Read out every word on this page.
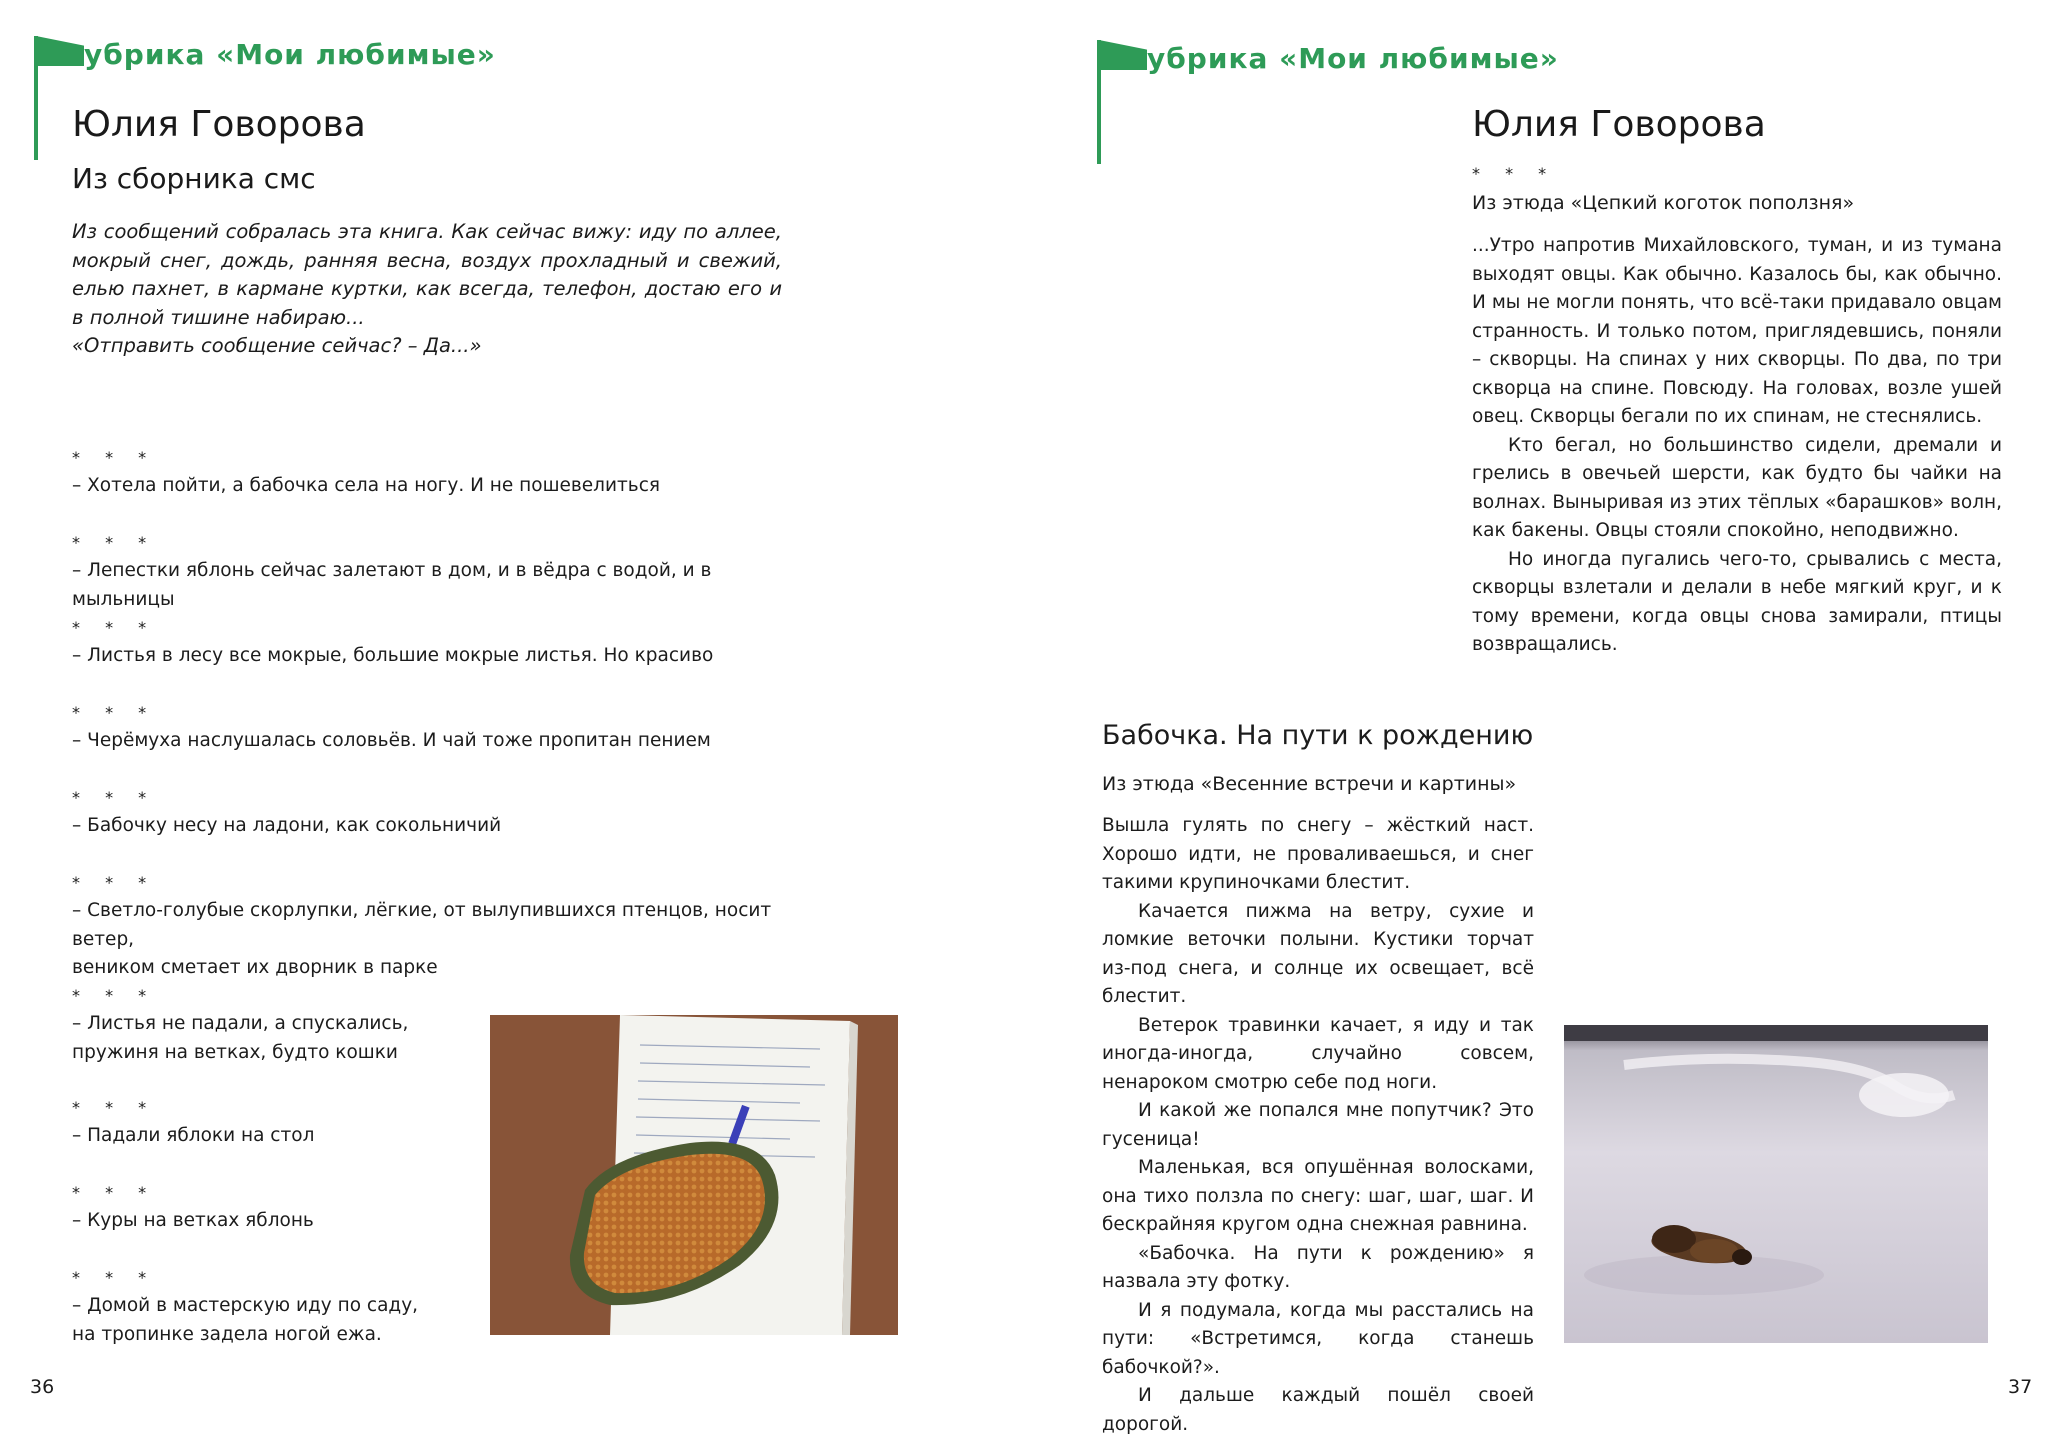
убрика «Мои любимые»
Юлия Говорова
Из сборника смс

Из сообщений собралась эта книга. Как сейчас вижу: иду по аллее, мокрый снег, дождь, ранняя весна, воздух прохладный и свежий, елью пахнет, в кармане куртки, как всегда, телефон, достаю его и в полной тишине набираю...

«Отправить сообщение сейчас? – Да...»

* * *
– Хотела пойти, а бабочка села на ногу. И не пошевелиться
* * *
– Лепестки яблонь сейчас залетают в дом, и в вёдра с водой, и в мыльницы
* * *
– Листья в лесу все мокрые, большие мокрые листья. Но красиво
* * *
– Черёмуха наслушалась соловьёв. И чай тоже пропитан пением
* * *
– Бабочку несу на ладони, как сокольничий
* * *
– Светло-голубые скорлупки, лёгкие, от вылупившихся птенцов, носит ветер,
веником сметает их дворник в парке
* * *
– Листья не падали, а спускались,
пружиня на ветках, будто кошки
* * *
– Падали яблоки на стол
* * *
– Куры на ветках яблонь
* * *
– Домой в мастерскую иду по саду,
на тропинке задела ногой ежа.
36
убрика «Мои любимые»
Юлия Говорова
* * *
Из этюда «Цепкий коготок поползня»

...Утро напротив Михайловского, туман, и из тумана выходят овцы. Как обычно. Казалось бы, как обычно. И мы не могли понять, что всё-таки придавало овцам странность. И только потом, приглядевшись, поняли – скворцы. На спинах у них скворцы. По два, по три скворца на спине. Повсюду. На головах, возле ушей овец. Скворцы бегали по их спинам, не стеснялись.

Кто бегал, но большинство сидели, дремали и грелись в овечьей шерсти, как будто бы чайки на волнах. Выныривая из этих тёплых «барашков» волн, как бакены. Овцы стояли спокойно, неподвижно.

Но иногда пугались чего-то, срывались с места, скворцы взлетали и делали в небе мягкий круг, и к тому времени, когда овцы снова замирали, птицы возвращались.

Бабочка. На пути к рождению
Из этюда «Весенние встречи и картины»

Вышла гулять по снегу – жёсткий наст. Хорошо идти, не проваливаешься, и снег такими крупиночками блестит.

Качается пижма на ветру, сухие и ломкие веточки полыни. Кустики торчат из-под снега, и солнце их освещает, всё блестит.

Ветерок травинки качает, я иду и так иногда-иногда, случайно совсем, ненароком смотрю себе под ноги.

И какой же попался мне попутчик? Это гусеница!

Маленькая, вся опушённая волосками, она тихо ползла по снегу: шаг, шаг, шаг. И бескрайняя кругом одна снежная равнина.

«Бабочка. На пути к рождению» я назвала эту фотку.

И я подумала, когда мы расстались на пути: «Встретимся, когда станешь бабочкой?».

И дальше каждый пошёл своей дорогой.

37
